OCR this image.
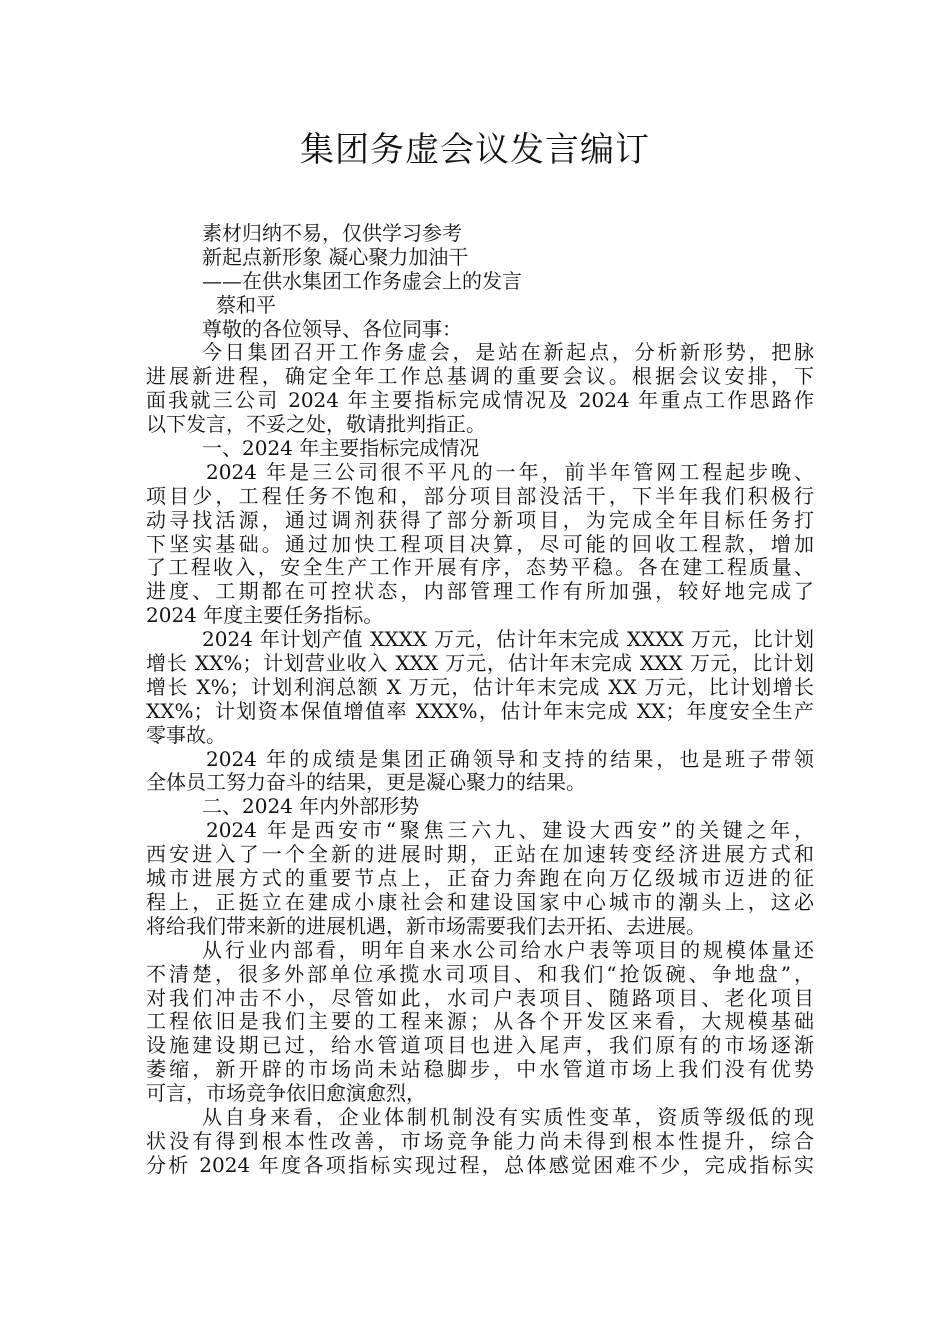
集团务虚会议发言编订

素材归纳不易，仅供学习参考

新起点新形象 凝心聚力加油干

——在供水集团工作务虚会上的发言

蔡和平

尊敬的各位领导、各位同事：

今日集团召开工作务虚会，是站在新起点，分析新形势，把脉

进展新进程，确定全年工作总基调的重要会议。根据会议安排，下

面我就三公司 2024 年主要指标完成情况及 2024 年重点工作思路作

以下发言，不妥之处，敬请批判指正。

一、2024 年主要指标完成情况

2024 年是三公司很不平凡的一年，前半年管网工程起步晚、

项目少，工程任务不饱和，部分项目部没活干，下半年我们积极行

动寻找活源，通过调剂获得了部分新项目，为完成全年目标任务打

下坚实基础。通过加快工程项目决算，尽可能的回收工程款，增加

了工程收入，安全生产工作开展有序，态势平稳。各在建工程质量、

进度、工期都在可控状态，内部管理工作有所加强，较好地完成了

2024 年度主要任务指标。

2024 年计划产值 XXXX 万元，估计年末完成 XXXX 万元，比计划

增长 XX%；计划营业收入 XXX 万元，估计年末完成 XXX 万元，比计划

增长 X%；计划利润总额 X 万元，估计年末完成 XX 万元，比计划增长

XX%；计划资本保值增值率 XXX%，估计年末完成 XX；年度安全生产

零事故。

2024 年的成绩是集团正确领导和支持的结果，也是班子带领

全体员工努力奋斗的结果，更是凝心聚力的结果。

二、2024 年内外部形势

2024 年是西安市“聚焦三六九、建设大西安”的关键之年，

西安进入了一个全新的进展时期，正站在加速转变经济进展方式和

城市进展方式的重要节点上，正奋力奔跑在向万亿级城市迈进的征

程上，正挺立在建成小康社会和建设国家中心城市的潮头上，这必

将给我们带来新的进展机遇，新市场需要我们去开拓、去进展。

从行业内部看，明年自来水公司给水户表等项目的规模体量还

不清楚，很多外部单位承揽水司项目、和我们“抢饭碗、争地盘”，

对我们冲击不小，尽管如此，水司户表项目、随路项目、老化项目

工程依旧是我们主要的工程来源；从各个开发区来看，大规模基础

设施建设期已过，给水管道项目也进入尾声，我们原有的市场逐渐

萎缩，新开辟的市场尚未站稳脚步，中水管道市场上我们没有优势

可言，市场竞争依旧愈演愈烈，

从自身来看，企业体制机制没有实质性变革，资质等级低的现

状没有得到根本性改善，市场竞争能力尚未得到根本性提升，综合

分析 2024 年度各项指标实现过程，总体感觉困难不少，完成指标实
